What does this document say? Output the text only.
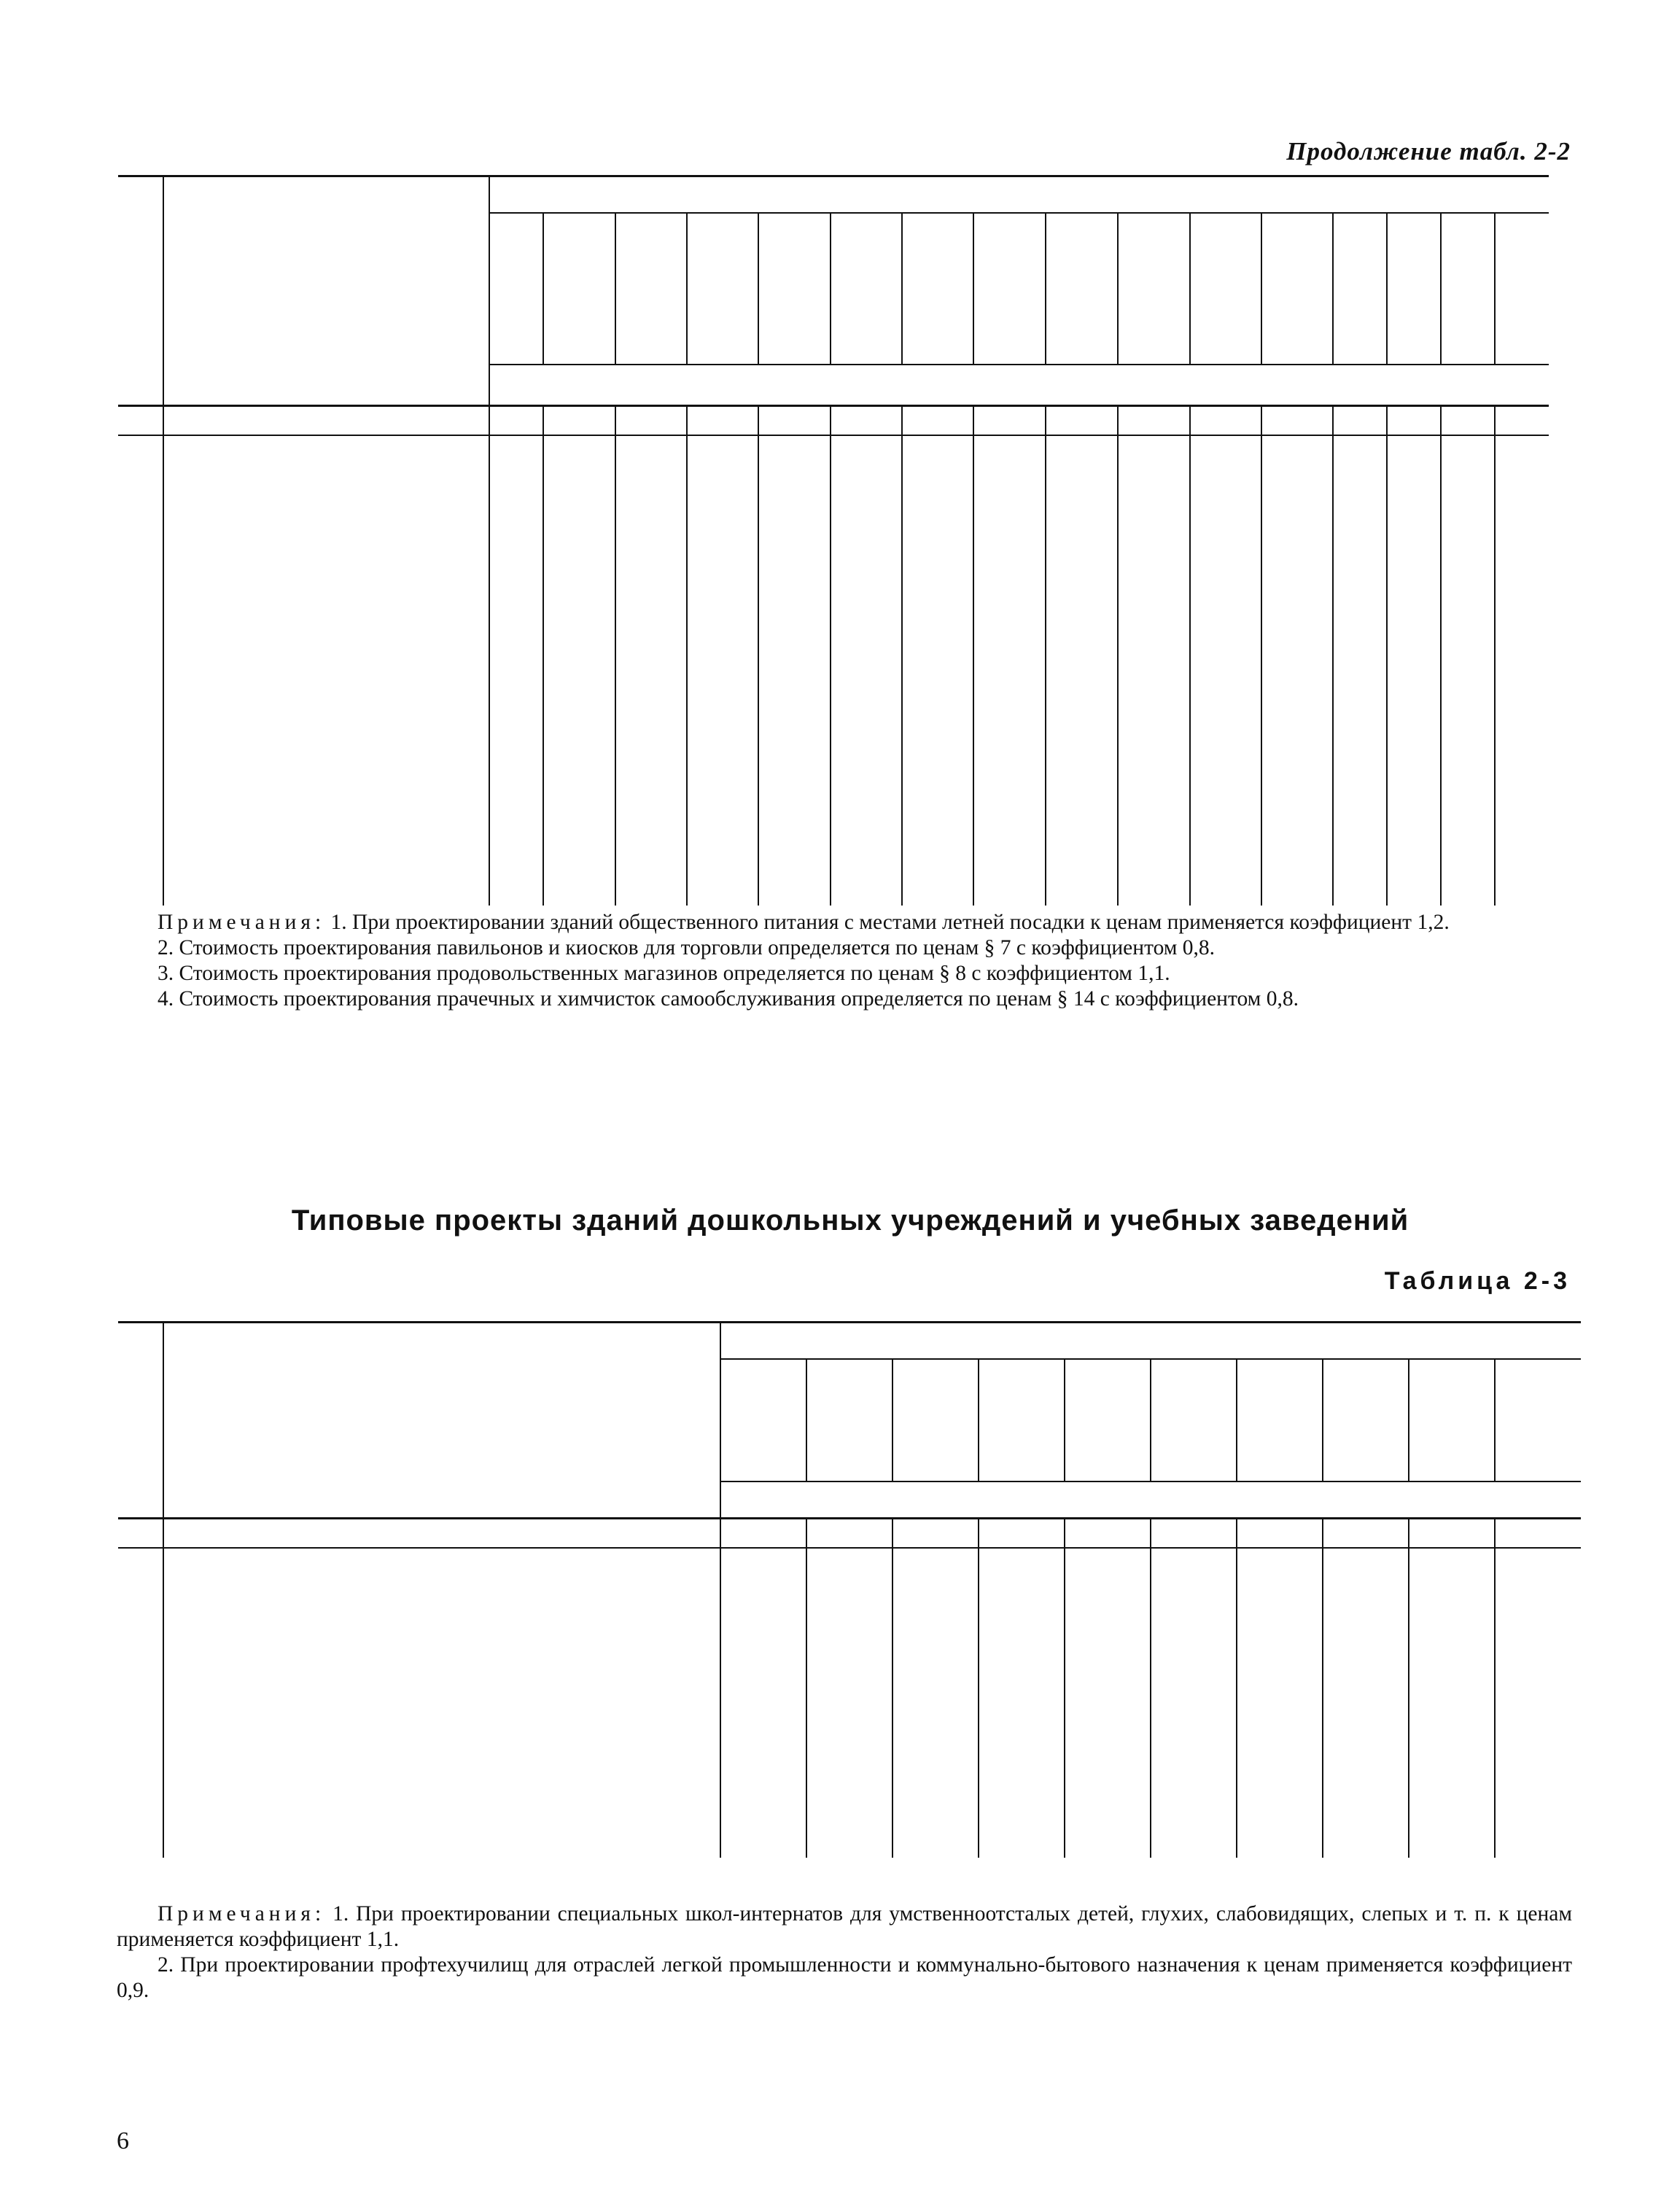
Продолжение табл. 2-2

Примечания: 1. При проектировании зданий общественного питания с местами летней посадки к ценам применяется коэффициент 1,2.

2. Стоимость проектирования павильонов и киосков для торговли определяется по ценам § 7 с коэффициентом 0,8.

3. Стоимость проектирования продовольственных магазинов определяется по ценам § 8 с коэффициентом 1,1.

4. Стоимость проектирования прачечных и химчисток самообслуживания определяется по ценам § 14 с коэффициентом 0,8.

Типовые проекты зданий дошкольных учреждений и учебных заведений
Таблица 2-3

Примечания: 1. При проектировании специальных школ-интернатов для умственноотсталых детей, глухих, слабовидящих, слепых и т. п. к ценам применяется коэффициент 1,1.

2. При проектировании профтехучилищ для отраслей легкой промышленности и коммунально-бытового назначения к ценам применяется коэффициент 0,9.

6
